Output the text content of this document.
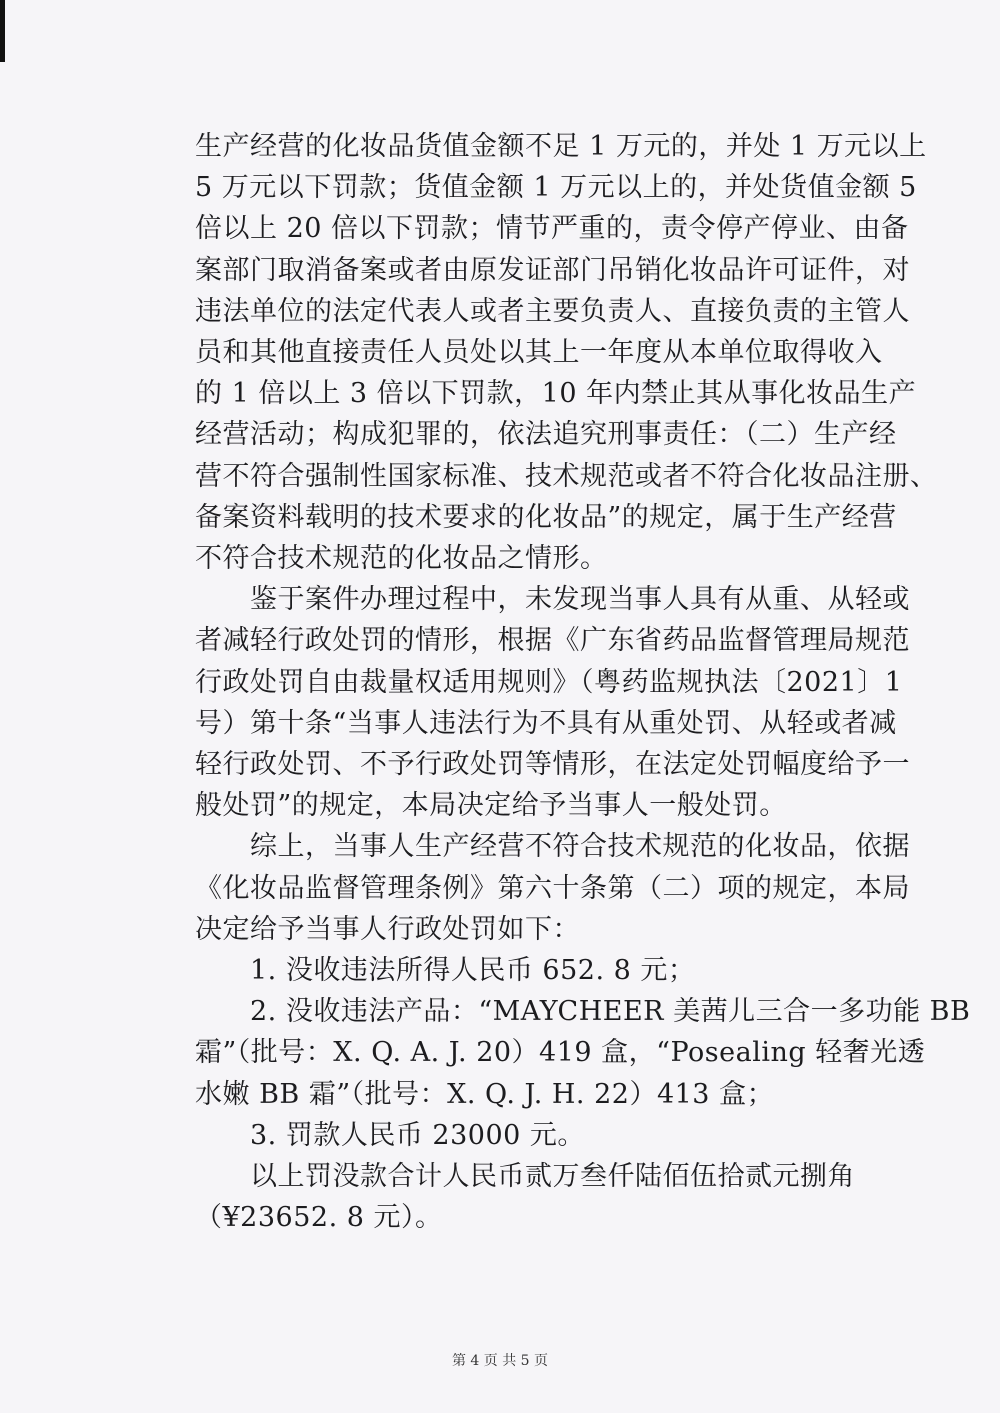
生产经营的化妆品货值金额不足 1 万元的，并处 1 万元以上

5 万元以下罚款；货值金额 1 万元以上的，并处货值金额 5

倍以上 20 倍以下罚款；情节严重的，责令停产停业、由备

案部门取消备案或者由原发证部门吊销化妆品许可证件，对

违法单位的法定代表人或者主要负责人、直接负责的主管人

员和其他直接责任人员处以其上一年度从本单位取得收入

的 1 倍以上 3 倍以下罚款，10 年内禁止其从事化妆品生产

经营活动；构成犯罪的，依法追究刑事责任：（二）生产经

营不符合强制性国家标准、技术规范或者不符合化妆品注册、

备案资料载明的技术要求的化妆品”的规定，属于生产经营

不符合技术规范的化妆品之情形。

　　鉴于案件办理过程中，未发现当事人具有从重、从轻或

者减轻行政处罚的情形，根据《广东省药品监督管理局规范

行政处罚自由裁量权适用规则》（粤药监规执法〔2021〕1

号）第十条“当事人违法行为不具有从重处罚、从轻或者减

轻行政处罚、不予行政处罚等情形，在法定处罚幅度给予一

般处罚”的规定，本局决定给予当事人一般处罚。

　　综上，当事人生产经营不符合技术规范的化妆品，依据

《化妆品监督管理条例》第六十条第（二）项的规定，本局

决定给予当事人行政处罚如下：

　　1. 没收违法所得人民币 652. 8 元；

　　2. 没收违法产品：“MAYCHEER 美茜儿三合一多功能 BB

霜”（批号：X. Q. A. J. 20）419 盒，“Posealing 轻奢光透

水嫩 BB 霜”（批号：X. Q. J. H. 22）413 盒；

　　3. 罚款人民币 23000 元。

　　以上罚没款合计人民币贰万叁仟陆佰伍拾贰元捌角

（¥23652. 8 元）。

第 4 页 共 5 页
